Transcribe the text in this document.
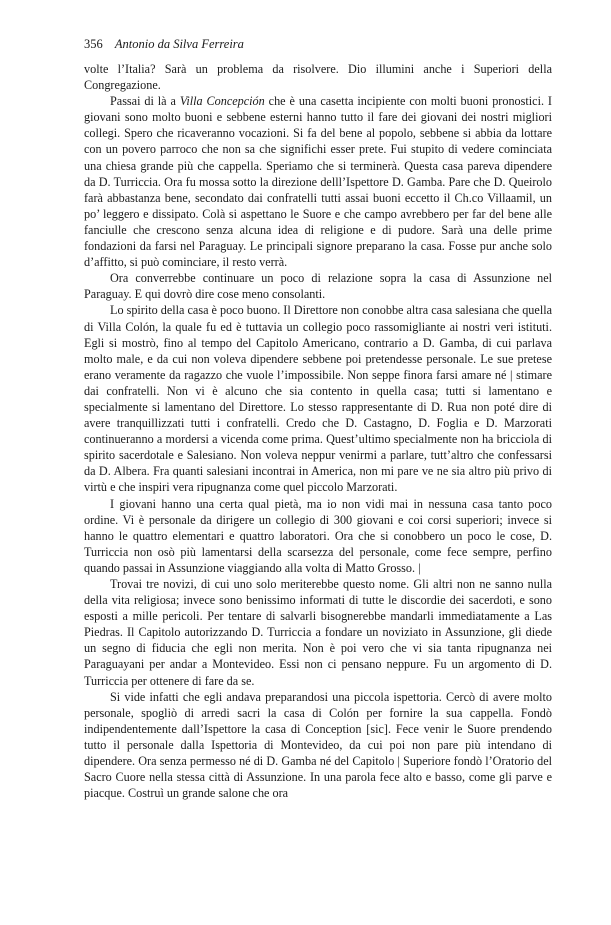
356 Antonio da Silva Ferreira

volte l’Italia? Sarà un problema da risolvere. Dio illumini anche i Superiori della Congregazione.

Passai di là a Villa Concepción che è una casetta incipiente con molti buoni pronostici. I giovani sono molto buoni e sebbene esterni hanno tutto il fare dei giovani dei nostri migliori collegi. Spero che ricaveranno vocazioni. Si fa del bene al popolo, sebbene si abbia da lottare con un povero parroco che non sa che significhi esser prete. Fui stupito di vedere cominciata una chiesa grande più che cappella. Speriamo che si terminerà. Questa casa pareva dipendere da D. Turriccia. Ora fu mossa sotto la direzione delll’Ispettore D. Gamba. Pare che D. Queirolo farà abbastanza bene, secondato dai confratelli tutti assai buoni eccetto il Ch.co Villaamil, un po’ leggero e dissipato. Colà si aspettano le Suore e che campo avrebbero per far del bene alle fanciulle che crescono senza alcuna idea di religione e di pudore. Sarà una delle prime fondazioni da farsi nel Paraguay. Le principali signore preparano la casa. Fosse pur anche solo d’affitto, si può cominciare, il resto verrà.

Ora converrebbe continuare un poco di relazione sopra la casa di Assunzione nel Paraguay. E qui dovrò dire cose meno consolanti.

Lo spirito della casa è poco buono. Il Direttore non conobbe altra casa salesiana che quella di Villa Colón, la quale fu ed è tuttavia un collegio poco rassomigliante ai nostri veri istituti. Egli si mostrò, fino al tempo del Capitolo Americano, contrario a D. Gamba, di cui parlava molto male, e da cui non voleva dipendere sebbene poi pretendesse personale. Le sue pretese erano veramente da ragazzo che vuole l’impossibile. Non seppe finora farsi amare né | stimare dai confratelli. Non vi è alcuno che sia contento in quella casa; tutti si lamentano e specialmente si lamentano del Direttore. Lo stesso rappresentante di D. Rua non poté dire di avere tranquillizzati tutti i confratelli. Credo che D. Castagno, D. Foglia e D. Marzorati continueranno a mordersi a vicenda come prima. Quest’ultimo specialmente non ha bricciola di spirito sacerdotale e Salesiano. Non voleva neppur venirmi a parlare, tutt’altro che confessarsi da D. Albera. Fra quanti salesiani incontrai in America, non mi pare ve ne sia altro più privo di virtù e che inspiri vera ripugnanza come quel piccolo Marzorati.

I giovani hanno una certa qual pietà, ma io non vidi mai in nessuna casa tanto poco ordine. Vi è personale da dirigere un collegio di 300 giovani e coi corsi superiori; invece si hanno le quattro elementari e quattro laboratori. Ora che si conobbero un poco le cose, D. Turriccia non osò più lamentarsi della scarsezza del personale, come fece sempre, perfino quando passai in Assunzione viaggiando alla volta di Matto Grosso. |

Trovai tre novizi, di cui uno solo meriterebbe questo nome. Gli altri non ne sanno nulla della vita religiosa; invece sono benissimo informati di tutte le discordie dei sacerdoti, e sono esposti a mille pericoli. Per tentare di salvarli bisognerebbe mandarli immediatamente a Las Piedras. Il Capitolo autorizzando D. Turriccia a fondare un noviziato in Assunzione, gli diede un segno di fiducia che egli non merita. Non è poi vero che vi sia tanta ripugnanza nei Paraguayani per andar a Montevideo. Essi non ci pensano neppure. Fu un argomento di D. Turriccia per ottenere di fare da se.

Si vide infatti che egli andava preparandosi una piccola ispettoria. Cercò di avere molto personale, spogliò di arredi sacri la casa di Colón per fornire la sua cappella. Fondò indipendentemente dall’Ispettore la casa di Conception [sic]. Fece venir le Suore prendendo tutto il personale dalla Ispettoria di Montevideo, da cui poi non pare più intendano di dipendere. Ora senza permesso né di D. Gamba né del Capitolo | Superiore fondò l’Oratorio del Sacro Cuore nella stessa città di Assunzione. In una parola fece alto e basso, come gli parve e piacque. Costruì un grande salone che ora
